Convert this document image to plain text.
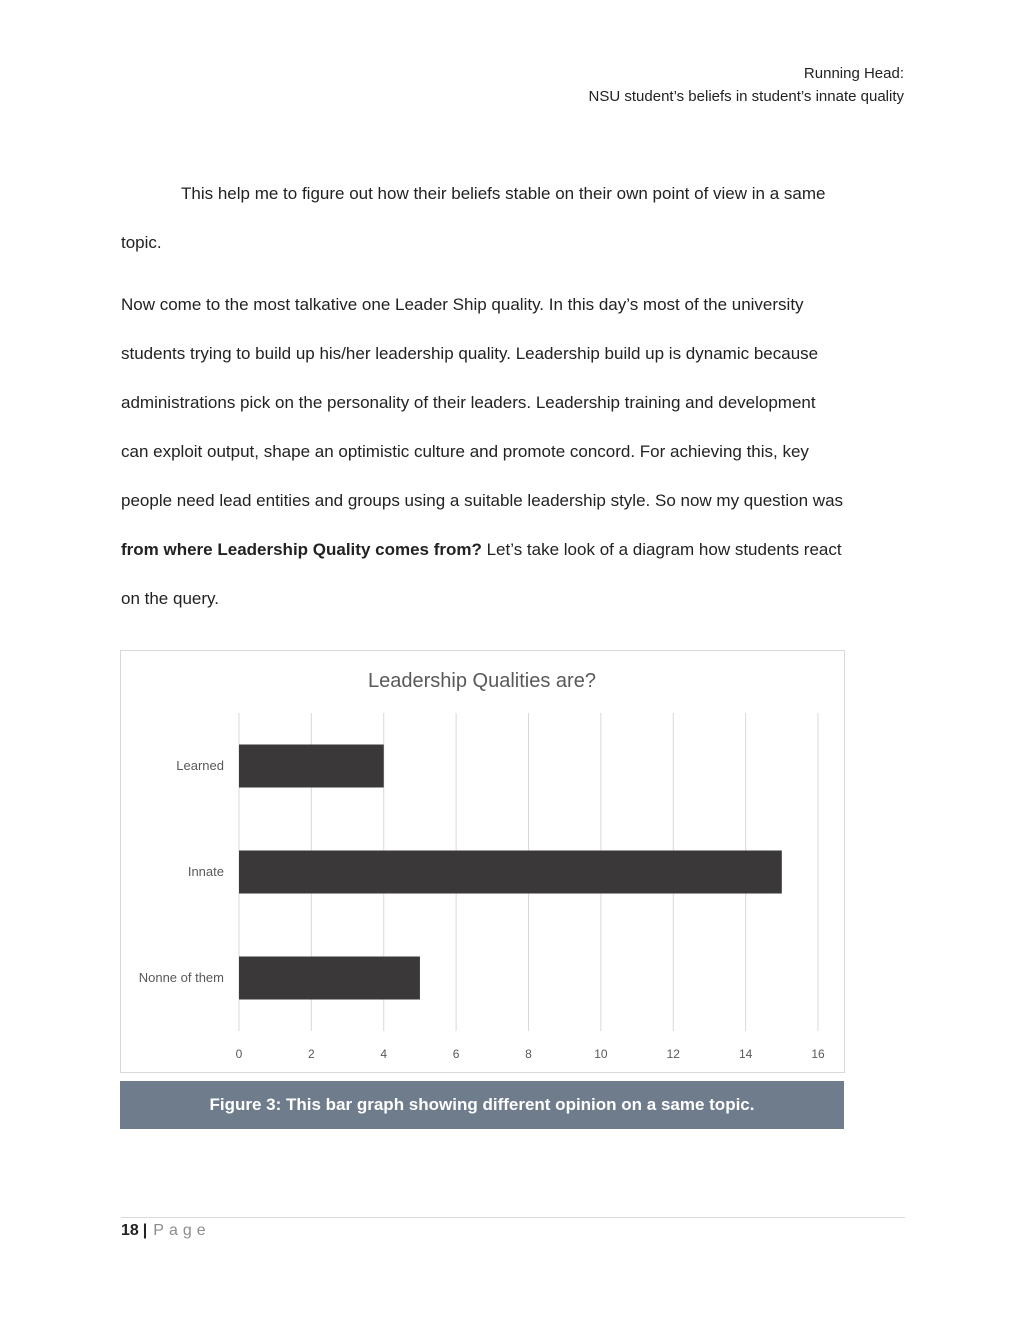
Running Head:
NSU student’s beliefs in student’s innate quality
This help me to figure out how their beliefs stable on their own point of view in a same
topic.
Now come to the most talkative one Leader Ship quality. In this day’s most of the university
students trying to build up his/her leadership quality. Leadership build up is dynamic because
administrations pick on the personality of their leaders. Leadership training and development
can exploit output, shape an optimistic culture and promote concord. For achieving this, key
people need lead entities and groups using a suitable leadership style. So now my question was
from where Leadership Quality comes from? Let’s take look of a diagram how students react
on the query.
Leadership Qualities are?
0	2	4	6	8	10	12	14	16
Learned
Innate
Nonne of them
Figure 3: This bar graph showing different opinion on a same topic.
18 | Page
